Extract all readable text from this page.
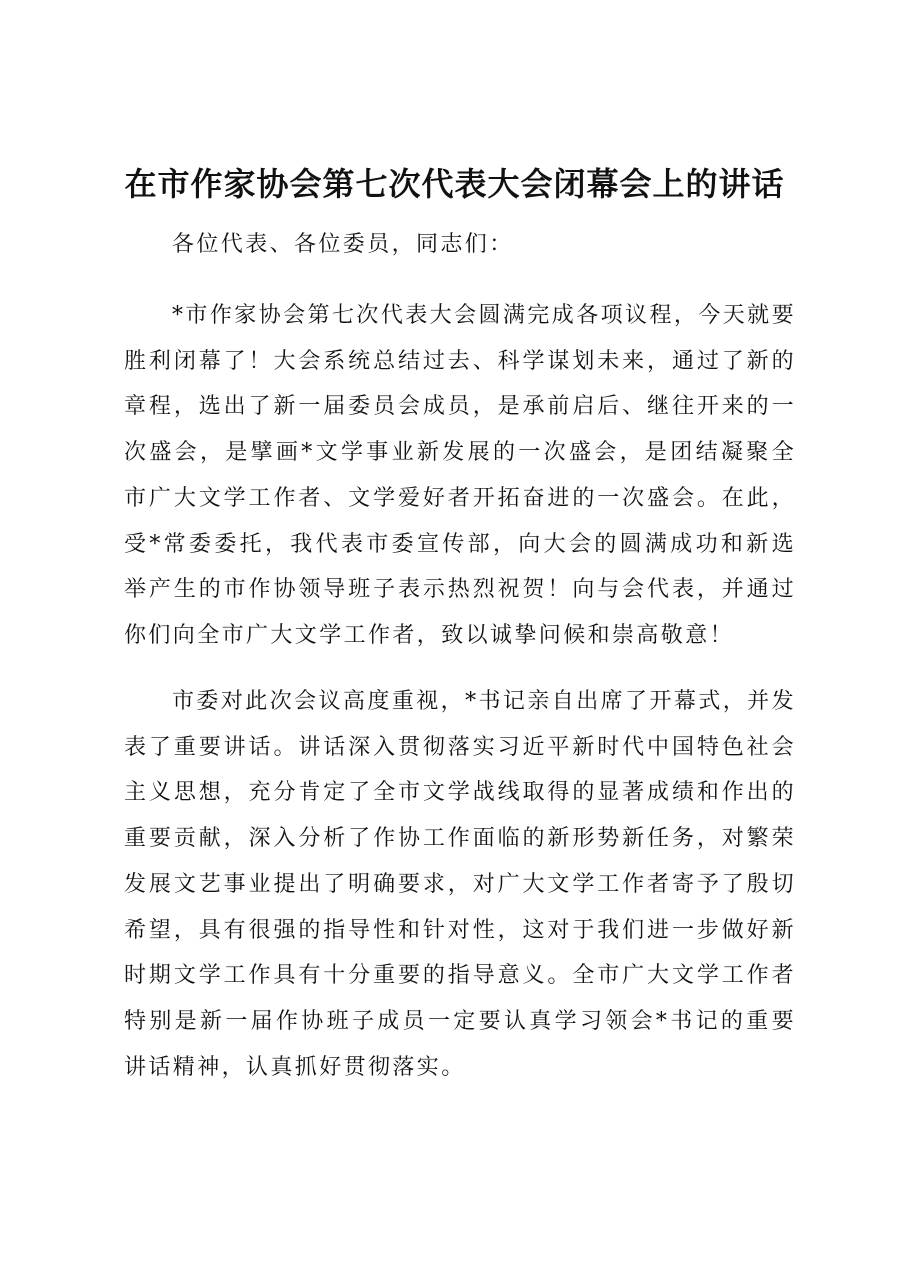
在市作家协会第七次代表大会闭幕会上的讲话

各位代表、各位委员，同志们：

*市作家协会第七次代表大会圆满完成各项议程，今天就要胜利闭幕了！大会系统总结过去、科学谋划未来，通过了新的章程，选出了新一届委员会成员，是承前启后、继往开来的一次盛会，是擘画*文学事业新发展的一次盛会，是团结凝聚全市广大文学工作者、文学爱好者开拓奋进的一次盛会。在此，受*常委委托，我代表市委宣传部，向大会的圆满成功和新选举产生的市作协领导班子表示热烈祝贺！向与会代表，并通过你们向全市广大文学工作者，致以诚挚问候和崇高敬意！

市委对此次会议高度重视，*书记亲自出席了开幕式，并发表了重要讲话。讲话深入贯彻落实习近平新时代中国特色社会主义思想，充分肯定了全市文学战线取得的显著成绩和作出的重要贡献，深入分析了作协工作面临的新形势新任务，对繁荣发展文艺事业提出了明确要求，对广大文学工作者寄予了殷切希望，具有很强的指导性和针对性，这对于我们进一步做好新时期文学工作具有十分重要的指导意义。全市广大文学工作者特别是新一届作协班子成员一定要认真学习领会*书记的重要讲话精神，认真抓好贯彻落实。
